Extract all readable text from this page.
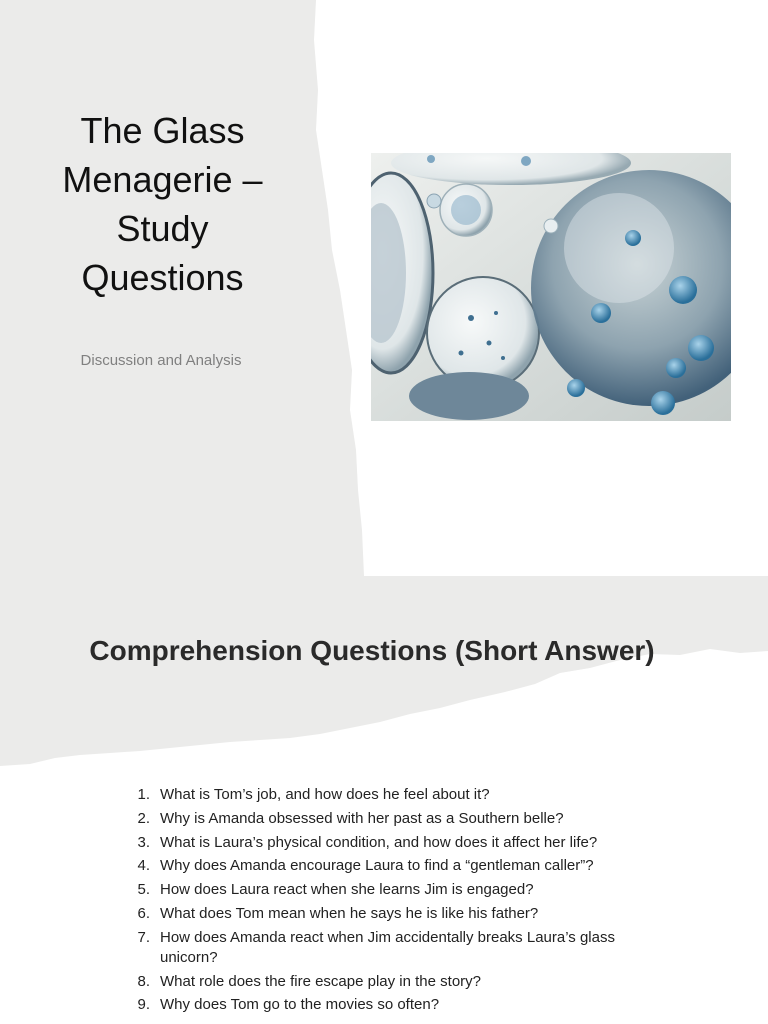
The Glass Menagerie – Study Questions

Discussion and Analysis

Comprehension Questions (Short Answer)
1. What is Tom’s job, and how does he feel about it?
2. Why is Amanda obsessed with her past as a Southern belle?
3. What is Laura’s physical condition, and how does it affect her life?
4. Why does Amanda encourage Laura to find a “gentleman caller”?
5. How does Laura react when she learns Jim is engaged?
6. What does Tom mean when he says he is like his father?
7. How does Amanda react when Jim accidentally breaks Laura’s glass unicorn?
8. What role does the fire escape play in the story?
9. Why does Tom go to the movies so often?
